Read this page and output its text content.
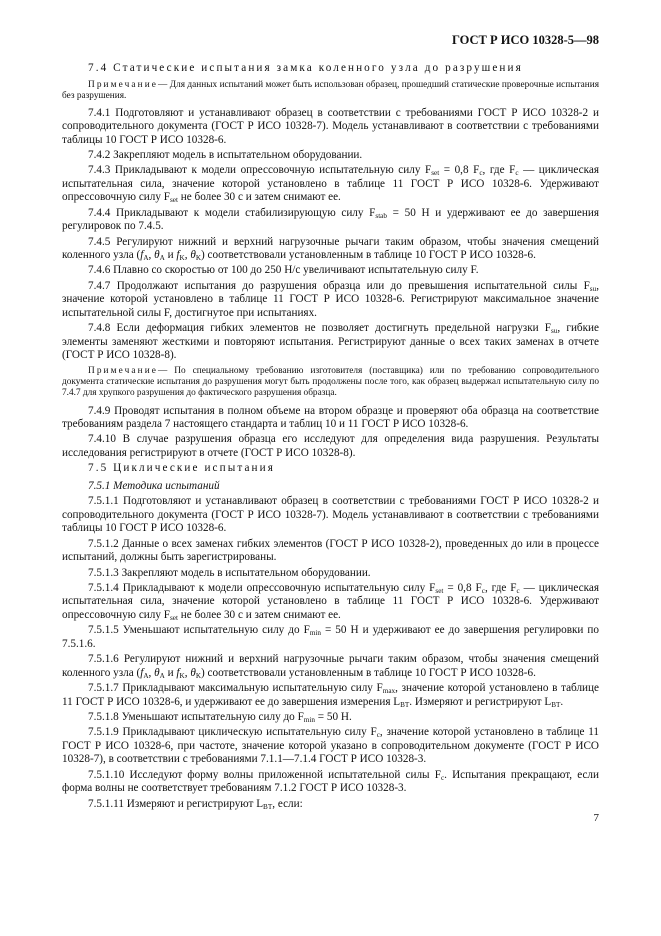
ГОСТ Р ИСО 10328-5—98
7.4 Статические испытания замка коленного узла до разрушения
Примечание— Для данных испытаний может быть использован образец, прошедший статические проверочные испытания без разрушения.
7.4.1 Подготовляют и устанавливают образец в соответствии с требованиями ГОСТ Р ИСО 10328-2 и сопроводительного документа (ГОСТ Р ИСО 10328-7). Модель устанавливают в соответствии с требованиями таблицы 10 ГОСТ Р ИСО 10328-6.
7.4.2 Закрепляют модель в испытательном оборудовании.
7.4.3 Прикладывают к модели опрессовочную испытательную силу $F_{set} = 0,8$ $F_с$, где $F_с$ — циклическая испытательная сила, значение которой установлено в таблице 11 ГОСТ Р ИСО 10328-6. Удерживают опрессовочную силу $F_{set}$ не более 30 с и затем снимают ее.
7.4.4 Прикладывают к модели стабилизирующую силу $F_{stab} = 50$ Н и удерживают ее до завершения регулировок по 7.4.5.
7.4.5 Регулируют нижний и верхний нагрузочные рычаги таким образом, чтобы значения смещений коленного узла ($f_A$, $\theta_A$ и $f_K$, $\theta_K$) соответствовали установленным в таблице 10 ГОСТ Р ИСО 10328-6.
7.4.6 Плавно со скоростью от 100 до 250 Н/с увеличивают испытательную силу F.
7.4.7 Продолжают испытания до разрушения образца или до превышения испытательной силы $F_{su}$, значение которой установлено в таблице 11 ГОСТ Р ИСО 10328-6. Регистрируют максимальное значение испытательной силы F, достигнутое при испытаниях.
7.4.8 Если деформация гибких элементов не позволяет достигнуть предельной нагрузки $F_{su}$, гибкие элементы заменяют жесткими и повторяют испытания. Регистрируют данные о всех таких заменах в отчете (ГОСТ Р ИСО 10328-8).
Примечание— По специальному требованию изготовителя (поставщика) или по требованию сопроводительного документа статические испытания до разрушения могут быть продолжены после того, как образец выдержал испытательную силу по 7.4.7 для хрупкого разрушения до фактического разрушения образца.
7.4.9 Проводят испытания в полном объеме на втором образце и проверяют оба образца на соответствие требованиям раздела 7 настоящего стандарта и таблиц 10 и 11 ГОСТ Р ИСО 10328-6.
7.4.10 В случае разрушения образца его исследуют для определения вида разрушения. Результаты исследования регистрируют в отчете (ГОСТ Р ИСО 10328-8).
7.5 Циклические испытания
7.5.1 Методика испытаний
7.5.1.1 Подготовляют и устанавливают образец в соответствии с требованиями ГОСТ Р ИСО 10328-2 и сопроводительного документа (ГОСТ Р ИСО 10328-7). Модель устанавливают в соответствии с требованиями таблицы 10 ГОСТ Р ИСО 10328-6.
7.5.1.2 Данные о всех заменах гибких элементов (ГОСТ Р ИСО 10328-2), проведенных до или в процессе испытаний, должны быть зарегистрированы.
7.5.1.3 Закрепляют модель в испытательном оборудовании.
7.5.1.4 Прикладывают к модели опрессовочную испытательную силу $F_{set} = 0,8$ $F_с$, где $F_с$ — циклическая испытательная сила, значение которой установлено в таблице 11 ГОСТ Р ИСО 10328-6. Удерживают опрессовочную силу $F_{set}$ не более 30 с и затем снимают ее.
7.5.1.5 Уменьшают испытательную силу до $F_{min} = 50$ Н и удерживают ее до завершения регулировки по 7.5.1.6.
7.5.1.6 Регулируют нижний и верхний нагрузочные рычаги таким образом, чтобы значения смещений коленного узла ($f_A$, $\theta_A$ и $f_K$, $\theta_K$) соответствовали установленным в таблице 10 ГОСТ Р ИСО 10328-6.
7.5.1.7 Прикладывают максимальную испытательную силу $F_{max}$, значение которой установлено в таблице 11 ГОСТ Р ИСО 10328-6, и удерживают ее до завершения измерения $L_{BT}$. Измеряют и регистрируют $L_{BT}$.
7.5.1.8 Уменьшают испытательную силу до $F_{min} = 50$ Н.
7.5.1.9 Прикладывают циклическую испытательную силу $F_с$, значение которой установлено в таблице 11 ГОСТ Р ИСО 10328-6, при частоте, значение которой указано в сопроводительном документе (ГОСТ Р ИСО 10328-7), в соответствии с требованиями 7.1.1—7.1.4 ГОСТ Р ИСО 10328-3.
7.5.1.10 Исследуют форму волны приложенной испытательной силы $F_с$. Испытания прекращают, если форма волны не соответствует требованиям 7.1.2 ГОСТ Р ИСО 10328-3.
7.5.1.11 Измеряют и регистрируют $L_{BT}$, если:
7
